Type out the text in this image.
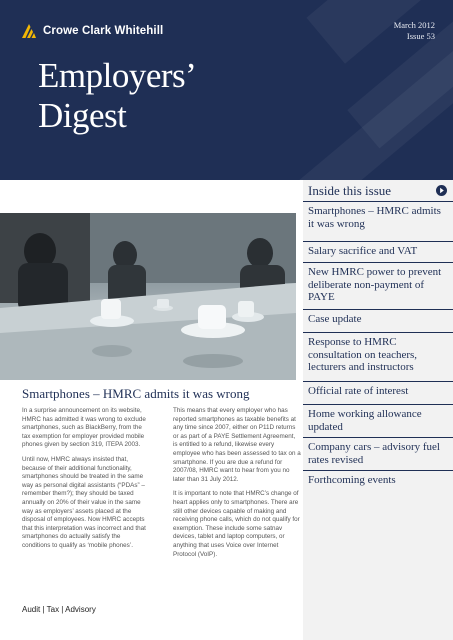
Crowe Clark Whitehill	March 2012
Issue 53
Employers’
Digest
Inside this issue
Smartphones – HMRC admits it was wrong
Salary sacrifice and VAT
New HMRC power to prevent deliberate non-payment of PAYE
Case update
Response to HMRC consultation on teachers, lecturers and instructors
Official rate of interest
Home working allowance updated
Company cars – advisory fuel rates revised
Forthcoming events
Smartphones – HMRC admits it was wrong

In a surprise announcement on its website, HMRC has admitted it was wrong to exclude smartphones, such as BlackBerry, from the tax exemption for employer provided mobile phones given by section 319, ITEPA 2003.

Until now, HMRC always insisted that, because of their additional functionality, smartphones should be treated in the same way as personal digital assistants (“PDAs” – remember them?); they should be taxed annually on 20% of their value in the same way as employers’ assets placed at the disposal of employees. Now HMRC accepts that this interpretation was incorrect and that smartphones do actually satisfy the conditions to qualify as ‘mobile phones’.

This means that every employer who has reported smartphones as taxable benefits at any time since 2007, either on P11D returns or as part of a PAYE Settlement Agreement, is entitled to a refund, likewise every employee who has been assessed to tax on a smartphone. If you are due a refund for 2007/08, HMRC want to hear from you no later than 31 July 2012.

It is important to note that HMRC’s change of heart applies only to smartphones. There are still other devices capable of making and receiving phone calls, which do not qualify for exemption. These include some satnav devices, tablet and laptop computers, or anything that uses Voice over Internet Protocol (VoIP).

Audit | Tax | Advisory
